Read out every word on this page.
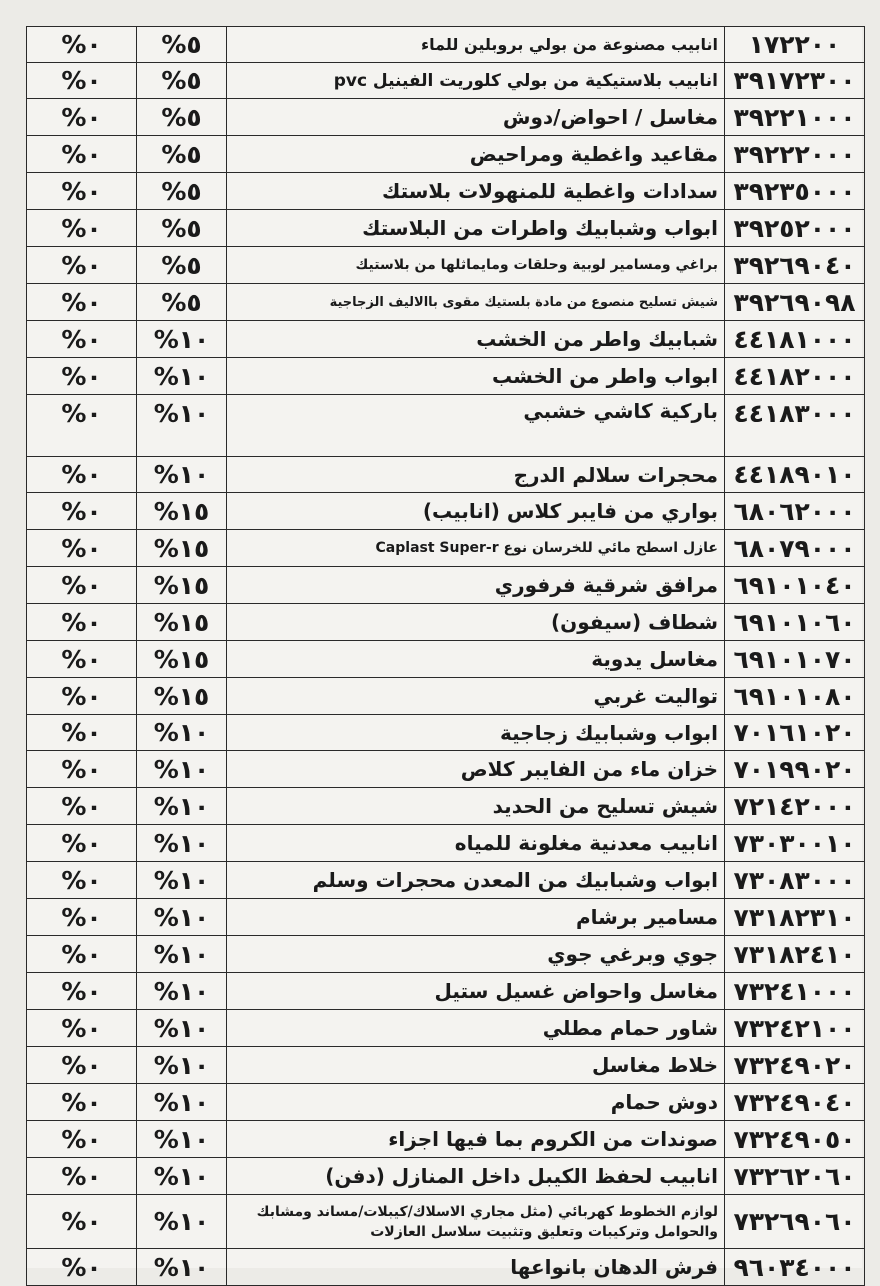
٠%	٥%	انابيب مصنوعة من بولي بروبلين للماء	١٧٢٢٠٠
٠%	٥%	انابيب بلاستيكية من بولي كلوريت الفينيل pvc	٣٩١٧٢٣٠٠
٠%	٥%	مغاسل / احواض/دوش	٣٩٢٢١٠٠٠
٠%	٥%	مقاعيد واغطية ومراحيض	٣٩٢٢٢٠٠٠
٠%	٥%	سدادات واغطية للمنهولات بلاستك	٣٩٢٣٥٠٠٠
٠%	٥%	ابواب وشبابيك واطرات من البلاستك	٣٩٢٥٢٠٠٠
٠%	٥%	براغي ومسامير لوبية وحلقات ومايماثلها من بلاستيك	٣٩٢٦٩٠٤٠
٠%	٥%	شيش تسليح منصوع من مادة بلستيك مقوى باالاليف الزجاجية	٣٩٢٦٩٠٩٨
٠%	١٠%	شبابيك واطر من الخشب	٤٤١٨١٠٠٠
٠%	١٠%	ابواب واطر من الخشب	٤٤١٨٢٠٠٠
٠%	١٠%	باركية كاشي خشبي	٤٤١٨٣٠٠٠
٠%	١٠%	محجرات سلالم الدرج	٤٤١٨٩٠١٠
٠%	١٥%	بواري من فايبر كلاس (انابيب)	٦٨٠٦٢٠٠٠
٠%	١٥%	عازل اسطح مائي للخرسان نوع Caplast Super-r	٦٨٠٧٩٠٠٠
٠%	١٥%	مرافق شرقية فرفوري	٦٩١٠١٠٤٠
٠%	١٥%	شطاف (سيفون)	٦٩١٠١٠٦٠
٠%	١٥%	مغاسل يدوية	٦٩١٠١٠٧٠
٠%	١٥%	تواليت غربي	٦٩١٠١٠٨٠
٠%	١٠%	ابواب وشبابيك زجاجية	٧٠١٦١٠٢٠
٠%	١٠%	خزان ماء من الفايبر كلاص	٧٠١٩٩٠٢٠
٠%	١٠%	شيش تسليح من الحديد	٧٢١٤٢٠٠٠
٠%	١٠%	انابيب معدنية مغلونة للمياه	٧٣٠٣٠٠١٠
٠%	١٠%	ابواب وشبابيك من المعدن محجرات وسلم	٧٣٠٨٣٠٠٠
٠%	١٠%	مسامير برشام	٧٣١٨٢٣١٠
٠%	١٠%	جوي وبرغي جوي	٧٣١٨٢٤١٠
٠%	١٠%	مغاسل واحواض غسيل ستيل	٧٣٢٤١٠٠٠
٠%	١٠%	شاور حمام مطلي	٧٣٢٤٢١٠٠
٠%	١٠%	خلاط مغاسل	٧٣٢٤٩٠٢٠
٠%	١٠%	دوش حمام	٧٣٢٤٩٠٤٠
٠%	١٠%	صوندات من الكروم بما فيها اجزاء	٧٣٢٤٩٠٥٠
٠%	١٠%	انابيب لحفظ الكيبل داخل المنازل (دفن)	٧٣٢٦٢٠٦٠
٠%	١٠%	لوازم الخطوط كهربائي (مثل مجاري الاسلاك/كيبلات/مساند ومشابك والحوامل وتركيبات وتعليق وتثبيت سلاسل العازلات	٧٣٢٦٩٠٦٠
٠%	١٠%	فرش الدهان بانواعها	٩٦٠٣٤٠٠٠
